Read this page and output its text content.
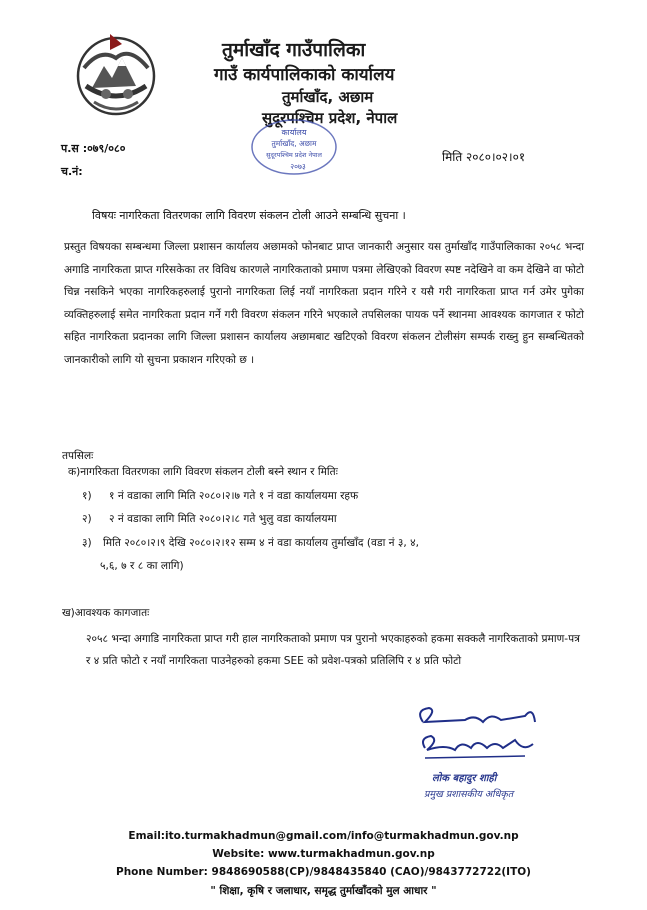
तुर्माखाँद गाउँपालिका
गाउँ कार्यपालिकाको कार्यालय
तुर्माखाँद, अछाम
सुदूरपश्चिम प्रदेश, नेपाल
कार्यालय
तुर्माखाँद, अछाम
सुदूरपश्चिम प्रदेश नेपाल
२०७३
प.स :०७९/०८०
च.नं:
मिति २०८०।०२।०१
विषयः नागरिकता वितरणका लागि विवरण संकलन टोली आउने सम्बन्धि सुचना ।
प्रस्तुत विषयका सम्बन्धमा जिल्ला प्रशासन कार्यालय अछामको फोनबाट प्राप्त जानकारी अनुसार यस तुर्माखाँद गाउँपालिकाका २०५८ भन्दा अगाडि नागरिकता प्राप्त गरिसकेका तर विविध कारणले नागरिकताको प्रमाण पत्रमा लेखिएको विवरण स्पष्ट नदेखिने वा कम देखिने वा फोटो चिन्न नसकिने भएका नागरिकहरुलाई पुरानो नागरिकता लिई नयाँ नागरिकता प्रदान गरिने र यसै गरी नागरिकता प्राप्त गर्न उमेर पुगेका व्यक्तिहरुलाई समेत नागरिकता प्रदान गर्ने गरी विवरण संकलन गरिने भएकाले तपसिलका पायक पर्ने स्थानमा आवश्यक कागजात र फोटो सहित नागरिकता प्रदानका लागि जिल्ला प्रशासन कार्यालय अछामबाट खटिएको विवरण संकलन टोलीसंग सम्पर्क राख्नु हुन सम्बन्धितको जानकारीको लागि यो सुचना प्रकाशन गरिएको छ ।
तपसिलः
क)नागरिकता वितरणका लागि विवरण संकलन टोली बस्ने स्थान र मितिः
१) १ नं वडाका लागि मिति २०८०।२।७ गते १ नं वडा कार्यालयमा रहफ
२) २ नं वडाका लागि मिति २०८०।२।८ गते भुलु वडा कार्यालयमा
३) मिति २०८०।२।९ देखि २०८०।२।१२ सम्म ४ नं वडा कार्यालय तुर्माखाँद (वडा नं ३, ४,
५,६, ७ र ८ का लागि)
ख)आवश्यक कागजातः
२०५८ भन्दा अगाडि नागरिकता प्राप्त गरी हाल नागरिकताको प्रमाण पत्र पुरानो भएकाहरुको हकमा सक्कलै नागरिकताको प्रमाण-पत्र र ४ प्रति फोटो र नयाँ नागरिकता पाउनेहरुको हकमा SEE को प्रवेश-पत्रको प्रतिलिपि र ४ प्रति फोटो
लोक बहादुर शाही
प्रमुख प्रशासकीय अधिकृत
Email:ito.turmakhadmun@gmail.com/info@turmakhadmun.gov.np
Website: www.turmakhadmun.gov.np
Phone Number: 9848690588(CP)/9848435840 (CAO)/9843772722(ITO)
" शिक्षा, कृषि र जलाधार, समृद्ध तुर्माखाँदको मुल आधार "
